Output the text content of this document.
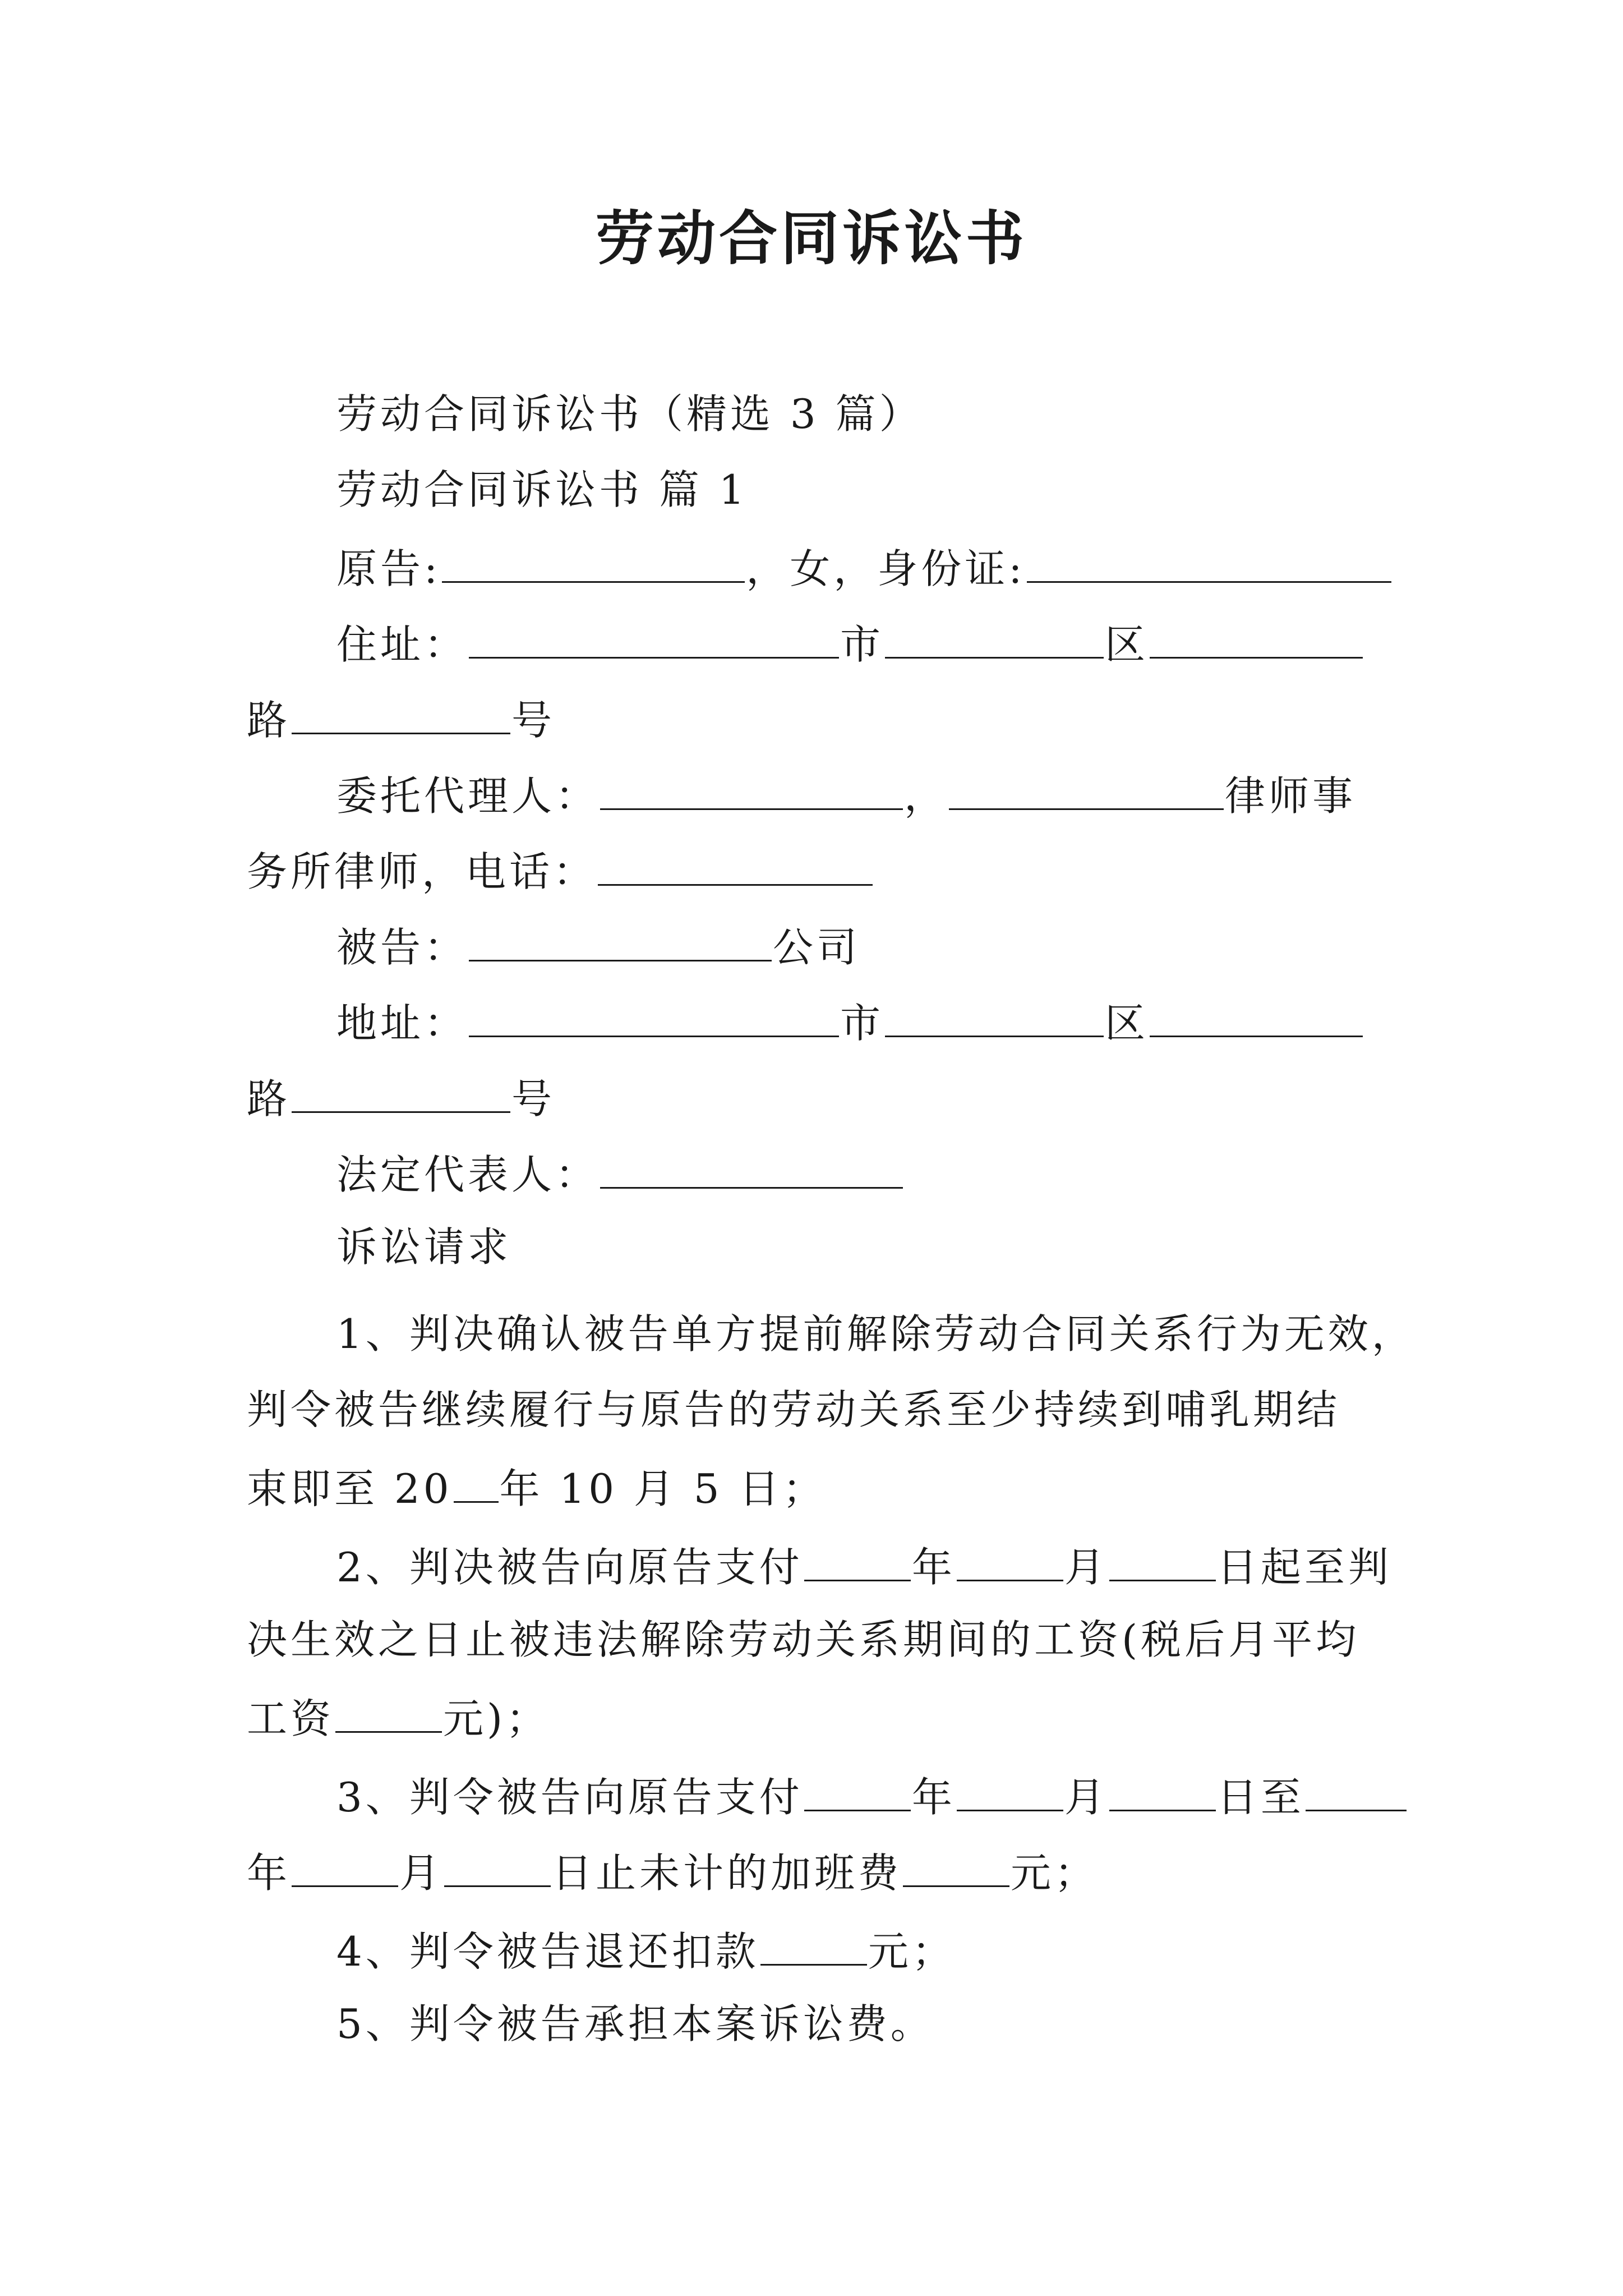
劳动合同诉讼书
劳动合同诉讼书（精选 3 篇）
劳动合同诉讼书 篇 1
原告:	，女，身份证:
住址：	市	区
路	号
委托代理人：	，	律师事
务所律师，电话：
被告：	公司
地址：	市	区
路	号
法定代表人：
诉讼请求
1、判决确认被告单方提前解除劳动合同关系行为无效，
判令被告继续履行与原告的劳动关系至少持续到哺乳期结
束即至 20 年 10 月 5 日；
2、判决被告向原告支付	年	月	日起至判
决生效之日止被违法解除劳动关系期间的工资(税后月平均
工资	元)；
3、判令被告向原告支付	年	月	日至
年	月	日止未计的加班费	元；
4、判令被告退还扣款	元；
5、判令被告承担本案诉讼费。
